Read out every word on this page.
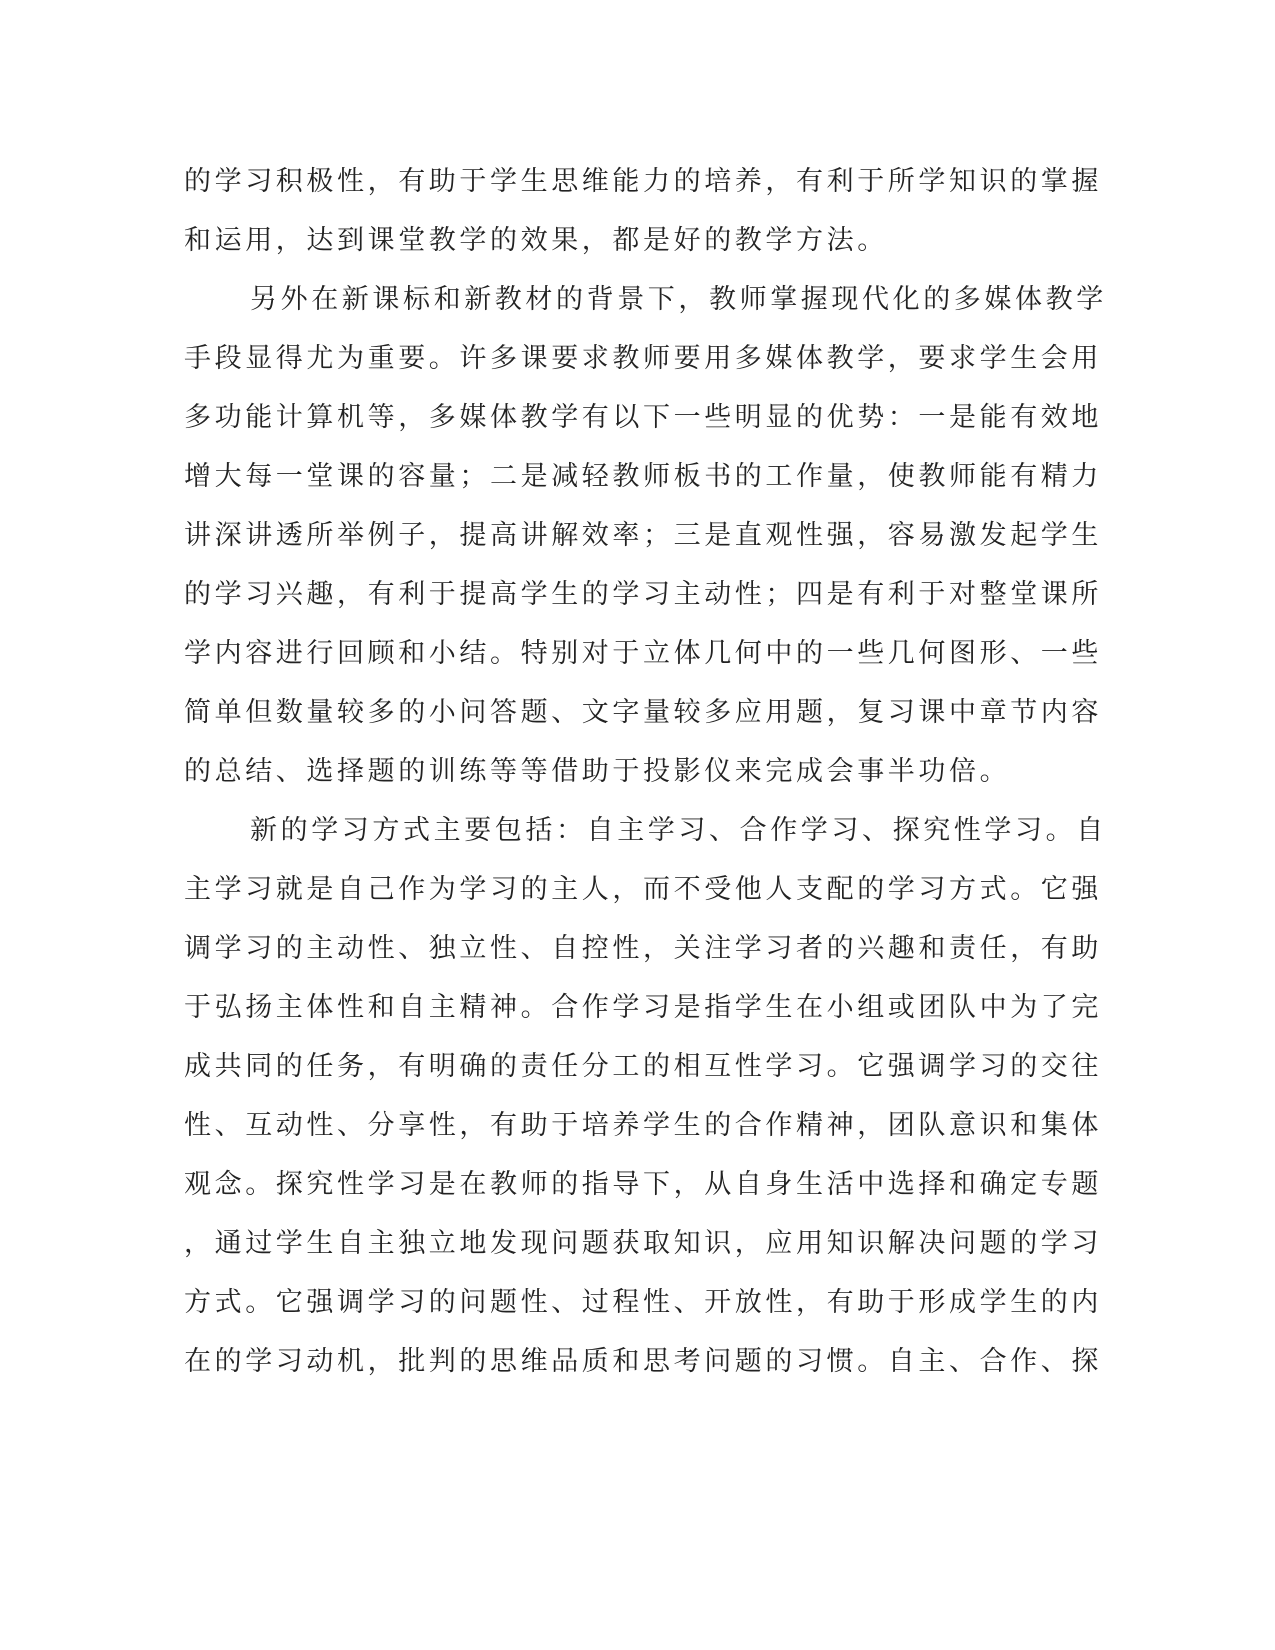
的学习积极性，有助于学生思维能力的培养，有利于所学知识的掌握
和运用，达到课堂教学的效果，都是好的教学方法。
另外在新课标和新教材的背景下，教师掌握现代化的多媒体教学
手段显得尤为重要。许多课要求教师要用多媒体教学，要求学生会用
多功能计算机等，多媒体教学有以下一些明显的优势：一是能有效地
增大每一堂课的容量；二是减轻教师板书的工作量，使教师能有精力
讲深讲透所举例子，提高讲解效率；三是直观性强，容易激发起学生
的学习兴趣，有利于提高学生的学习主动性；四是有利于对整堂课所
学内容进行回顾和小结。特别对于立体几何中的一些几何图形、一些
简单但数量较多的小问答题、文字量较多应用题，复习课中章节内容
的总结、选择题的训练等等借助于投影仪来完成会事半功倍。
新的学习方式主要包括：自主学习、合作学习、探究性学习。自
主学习就是自己作为学习的主人，而不受他人支配的学习方式。它强
调学习的主动性、独立性、自控性，关注学习者的兴趣和责任，有助
于弘扬主体性和自主精神。合作学习是指学生在小组或团队中为了完
成共同的任务，有明确的责任分工的相互性学习。它强调学习的交往
性、互动性、分享性，有助于培养学生的合作精神，团队意识和集体
观念。探究性学习是在教师的指导下，从自身生活中选择和确定专题
，通过学生自主独立地发现问题获取知识，应用知识解决问题的学习
方式。它强调学习的问题性、过程性、开放性，有助于形成学生的内
在的学习动机，批判的思维品质和思考问题的习惯。自主、合作、探
